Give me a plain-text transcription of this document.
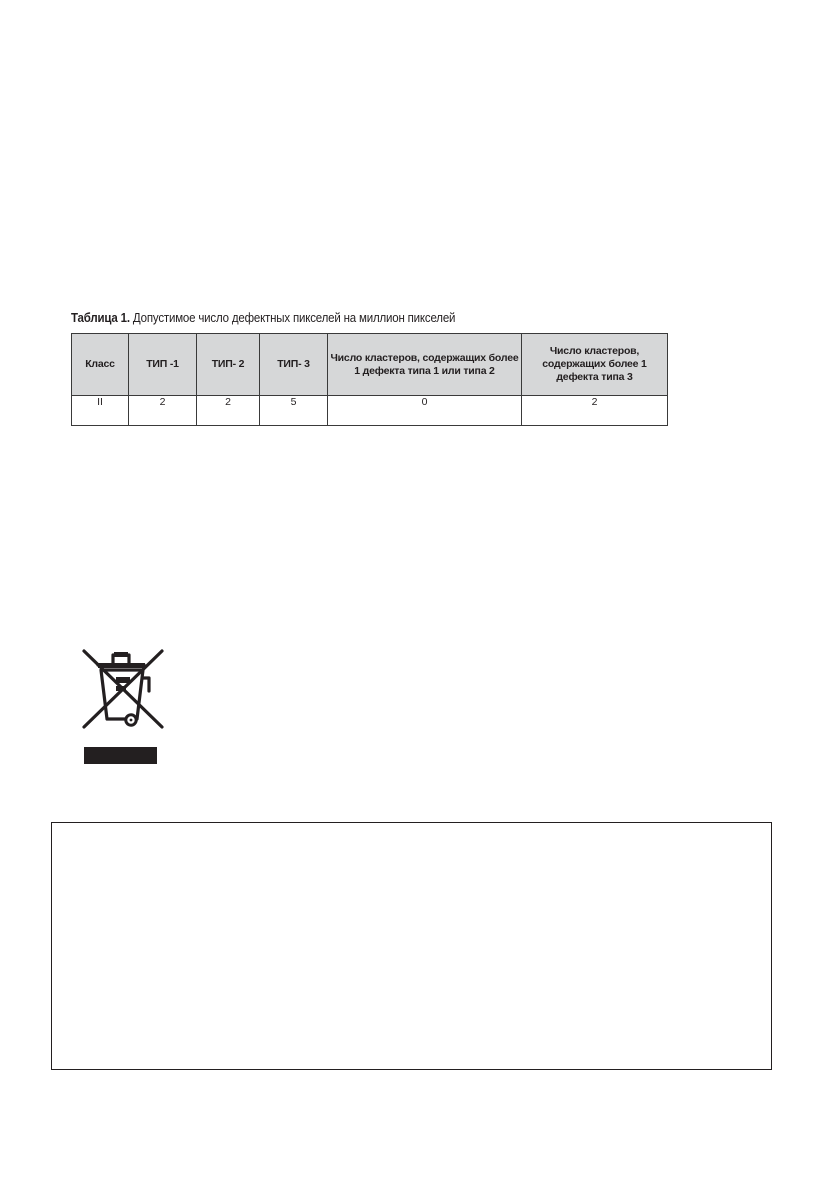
Таблица 1. Допустимое число дефектных пикселей на миллион пикселей
Класс	ТИП -1	ТИП- 2	ТИП- 3	Число кластеров, содержащих более 1 дефекта типа 1 или типа 2	Число кластеров, содержащих более 1 дефекта типа 3
II	2	2	5	0	2
